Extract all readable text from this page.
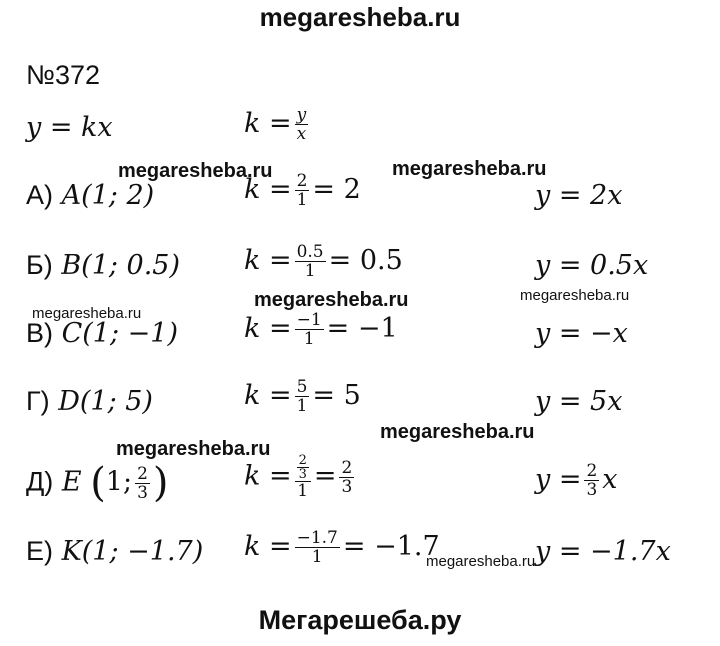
megaresheba.ru
№372
y = kx	$k = \frac{y}{x}$
megaresheba.ru	megaresheba.ru
megaresheba.ru
megaresheba.ru	megaresheba.ru
megaresheba.ru
megaresheba.ru
megaresheba.ru
А) A(1; 2)	$k = \frac{2}{1} = 2$	y = 2x
Б) B(1; 0.5) $k = \frac{0.5}{1} = 0.5$	y = 0.5x
В) C(1; −1) $k = \frac{-1}{1} = -1$	y = −x
Г) D(1; 5)	$k = \frac{5}{1} = 5$	y = 5x
Д) E (1; $\frac{2}{3}$ )	$k = \frac{\frac{2}{3}}{1} = \frac{2}{3}$	$y = \frac{2}{3}$ x
Е) K(1; −1.7) $k = \frac{-1.7}{1} = -1.7$	y = −1.7x
Мегарешеба.ру
